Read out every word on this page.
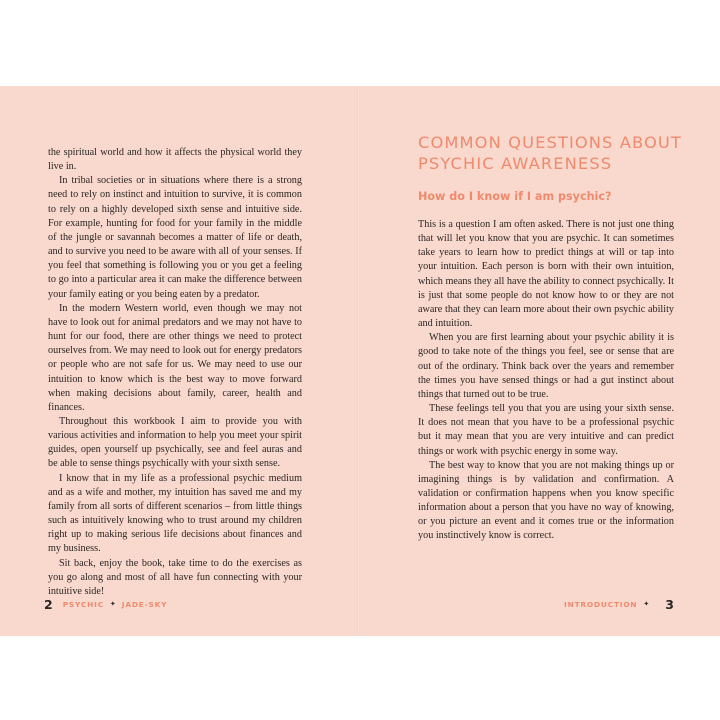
the spiritual world and how it affects the physical world they live in.

In tribal societies or in situations where there is a strong need to rely on instinct and intuition to survive, it is common to rely on a highly developed sixth sense and intuitive side. For example, hunting for food for your family in the middle of the jungle or savannah becomes a matter of life or death, and to survive you need to be aware with all of your senses. If you feel that something is following you or you get a feeling to go into a particular area it can make the difference between your family eating or you being eaten by a predator.

In the modern Western world, even though we may not have to look out for animal predators and we may not have to hunt for our food, there are other things we need to protect ourselves from. We may need to look out for energy predators or people who are not safe for us. We may need to use our intuition to know which is the best way to move forward when making decisions about family, career, health and finances.

Throughout this workbook I aim to provide you with various activities and information to help you meet your spirit guides, open yourself up psychically, see and feel auras and be able to sense things psychically with your sixth sense.

I know that in my life as a professional psychic medium and as a wife and mother, my intuition has saved me and my family from all sorts of different scenarios – from little things such as intuitively knowing who to trust around my children right up to making serious life decisions about finances and my business.

Sit back, enjoy the book, take time to do the exercises as you go along and most of all have fun connecting with your intuitive side!

2 PSYCHIC ✦ JADE-SKY
COMMON QUESTIONS ABOUT PSYCHIC AWARENESS
How do I know if I am psychic?

This is a question I am often asked. There is not just one thing that will let you know that you are psychic. It can sometimes take years to learn how to predict things at will or tap into your intuition. Each person is born with their own intuition, which means they all have the ability to connect psychically. It is just that some people do not know how to or they are not aware that they can learn more about their own psychic ability and intuition.

When you are first learning about your psychic ability it is good to take note of the things you feel, see or sense that are out of the ordinary. Think back over the years and remember the times you have sensed things or had a gut instinct about things that turned out to be true.

These feelings tell you that you are using your sixth sense. It does not mean that you have to be a professional psychic but it may mean that you are very intuitive and can predict things or work with psychic energy in some way.

The best way to know that you are not making things up or imagining things is by validation and confirmation. A validation or confirmation happens when you know specific information about a person that you have no way of knowing, or you picture an event and it comes true or the information you instinctively know is correct.

INTRODUCTION ✦ 3
